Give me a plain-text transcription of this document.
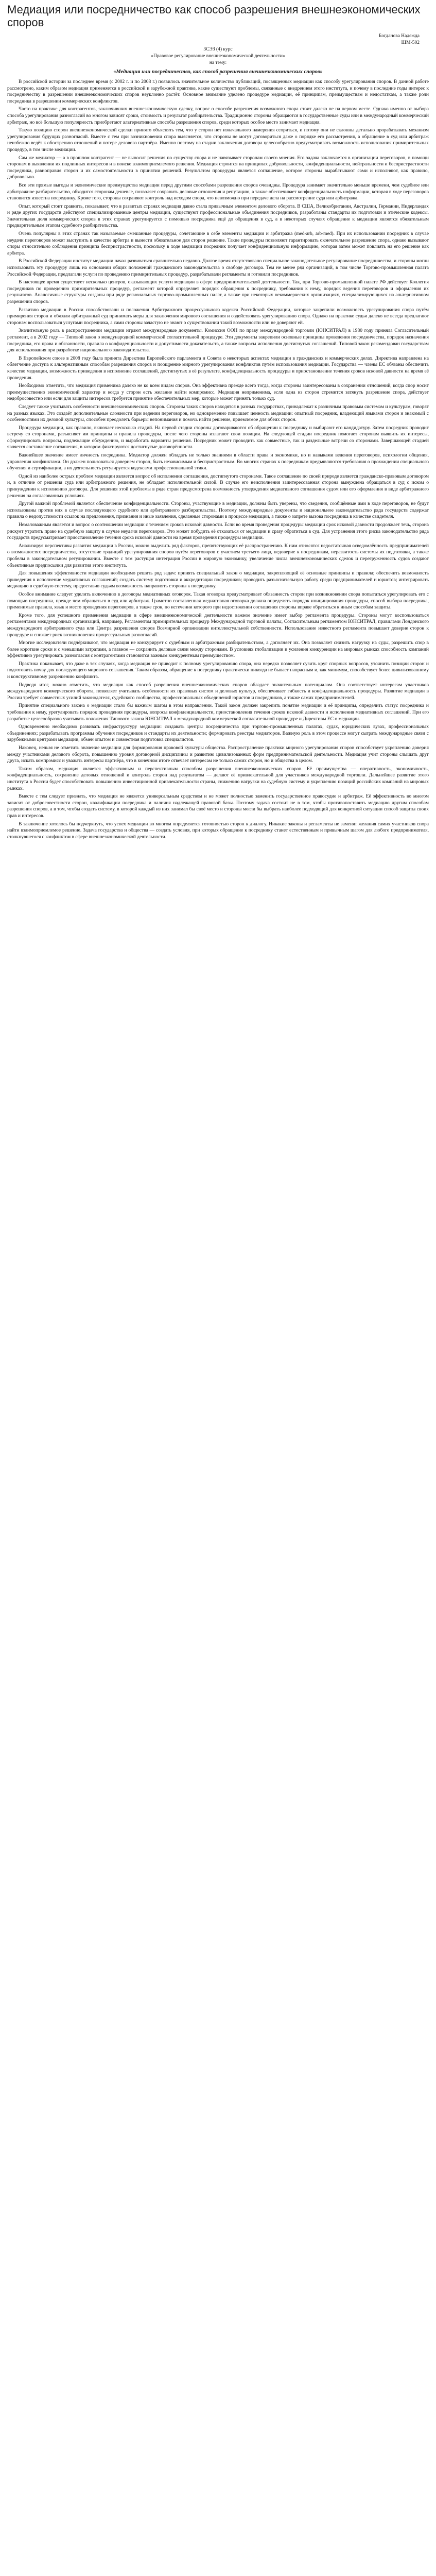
Медиация или посредничество как способ разрешения внешнеэкономических споров
Богданова Надежда
ШМ-502
3СЭЗ (4) курс
«Правовое регулирование внешнеэкономической деятельности»
на тему:
«Медиация или посредничество, как способ разрешения внешнеэкономических споров»

В российской истории за последнее время (с 2002 г. и по 2008 г.) появилось значительное количество публикаций, посвященных медиации как способу урегулирования споров. В данной работе рассмотрено, каким образом медиация применяется в российской и зарубежной практике, какие существуют проблемы, связанные с внедрением этого института, и почему в последние годы интерес к посредничеству в разрешении внешнеэкономических споров неуклонно растёт. Основное внимание уделено процедуре медиации, её принципам, преимуществам и недостаткам, а также роли посредника в разрешении коммерческих конфликтов.

Часто на практике для контрагентов, заключивших внешнеэкономическую сделку, вопрос о способе разрешения возможного спора стоит далеко не на первом месте. Однако именно от выбора способа урегулирования разногласий во многом зависят сроки, стоимость и результат разбирательства. Традиционно стороны обращаются в государственные суды или в международный коммерческий арбитраж, но всё большую популярность приобретают альтернативные способы разрешения споров, среди которых особое место занимает медиация.

Такую позицию сторон внешнеэкономической сделки принято объяснять тем, что у сторон нет изначального намерения ссориться, и потому они не склонны детально прорабатывать механизм урегулирования будущих разногласий. Вместе с тем при возникновении спора выясняется, что стороны не могут договориться даже о порядке его рассмотрения, а обращение в суд или арбитраж неизбежно ведёт к обострению отношений и потере делового партнёра. Именно поэтому на стадии заключения договора целесообразно предусматривать возможность использования примирительных процедур, в том числе медиации.

Сам же медиатор — а в прошлом контрагент — не выносит решения по существу спора и не навязывает сторонам своего мнения. Его задача заключается в организации переговоров, в помощи сторонам в выявлении их подлинных интересов и в поиске взаимоприемлемого решения. Медиация строится на принципах добровольности, конфиденциальности, нейтральности и беспристрастности посредника, равноправия сторон и их самостоятельности в принятии решений. Результатом процедуры является соглашение, которое стороны вырабатывают сами и исполняют, как правило, добровольно.

Все эти прямые выгоды и экономические преимущества медиации перед другими способами разрешения споров очевидны. Процедура занимает значительно меньше времени, чем судебное или арбитражное разбирательство, обходится сторонам дешевле, позволяет сохранить деловые отношения и репутацию, а также обеспечивает конфиденциальность информации, которая в ходе переговоров становится известна посреднику. Кроме того, стороны сохраняют контроль над исходом спора, что невозможно при передаче дела на рассмотрение суда или арбитража.

Опыт, который стоит сравнить, показывает, что в развитых странах медиация давно стала привычным элементом делового оборота. В США, Великобритании, Австралии, Германии, Нидерландах и ряде других государств действуют специализированные центры медиации, существуют профессиональные объединения посредников, разработаны стандарты их подготовки и этические кодексы. Значительная доля коммерческих споров в этих странах урегулируется с помощью посредника ещё до обращения в суд, а в некоторых случаях обращение к медиации является обязательным предварительным этапом судебного разбирательства.

Очень популярны в этих странах так называемые смешанные процедуры, сочетающие в себе элементы медиации и арбитража (med-arb, arb-med). При их использовании посредник в случае неудачи переговоров может выступить в качестве арбитра и вынести обязательное для сторон решение. Такие процедуры позволяют гарантировать окончательное разрешение спора, однако вызывают споры относительно соблюдения принципа беспристрастности, поскольку в ходе медиации посредник получает конфиденциальную информацию, которая затем может повлиять на его решение как арбитра.

В Российской Федерации институт медиации начал развиваться сравнительно недавно. Долгое время отсутствовало специальное законодательное регулирование посредничества, и стороны могли использовать эту процедуру лишь на основании общих положений гражданского законодательства о свободе договора. Тем не менее ряд организаций, в том числе Торгово-промышленная палата Российской Федерации, предлагали услуги по проведению примирительных процедур, разрабатывали регламенты и готовили посредников.

В настоящее время существует несколько центров, оказывающих услуги медиации в сфере предпринимательской деятельности. Так, при Торгово-промышленной палате РФ действует Коллегия посредников по проведению примирительных процедур, регламент которой определяет порядок обращения к посреднику, требования к нему, порядок ведения переговоров и оформления их результатов. Аналогичные структуры созданы при ряде региональных торгово-промышленных палат, а также при некоторых некоммерческих организациях, специализирующихся на альтернативном разрешении споров.

Развитию медиации в России способствовали и положения Арбитражного процессуального кодекса Российской Федерации, которые закрепили возможность урегулирования спора путём примирения сторон и обязали арбитражный суд принимать меры для заключения мирового соглашения и содействовать урегулированию спора. Однако на практике судьи далеко не всегда предлагают сторонам воспользоваться услугами посредника, а сами стороны зачастую не знают о существовании такой возможности или не доверяют ей.

Значительную роль в распространении медиации играют международные документы. Комиссия ООН по праву международной торговли (ЮНСИТРАЛ) в 1980 году приняла Согласительный регламент, а в 2002 году — Типовой закон о международной коммерческой согласительной процедуре. Эти документы закрепили основные принципы проведения посредничества, порядок назначения посредника, его права и обязанности, правила о конфиденциальности и допустимости доказательств, а также вопросы исполнения достигнутых соглашений. Типовой закон рекомендован государствам для использования при разработке национального законодательства.

В Европейском союзе в 2008 году была принята Директива Европейского парламента и Совета о некоторых аспектах медиации в гражданских и коммерческих делах. Директива направлена на облегчение доступа к альтернативным способам разрешения споров и поощрение мирного урегулирования конфликтов путём использования медиации. Государства — члены ЕС обязаны обеспечить качество медиации, возможность приведения в исполнение соглашений, достигнутых в её результате, конфиденциальность процедуры и приостановление течения сроков исковой давности на время её проведения.

Необходимо отметить, что медиация применима далеко не ко всем видам споров. Она эффективна прежде всего тогда, когда стороны заинтересованы в сохранении отношений, когда спор носит преимущественно экономический характер и когда у сторон есть желание найти компромисс. Медиация неприменима, если одна из сторон стремится затянуть разрешение спора, действует недобросовестно или если для защиты интересов требуется принятие обеспечительных мер, которые может принять только суд.

Следует также учитывать особенности внешнеэкономических споров. Стороны таких споров находятся в разных государствах, принадлежат к различным правовым системам и культурам, говорят на разных языках. Это создаёт дополнительные сложности при ведении переговоров, но одновременно повышает ценность медиации: опытный посредник, владеющий языками сторон и знакомый с особенностями их деловой культуры, способен преодолеть барьеры непонимания и помочь найти решение, приемлемое для обеих сторон.

Процедура медиации, как правило, включает несколько стадий. На первой стадии стороны договариваются об обращении к посреднику и выбирают его кандидатуру. Затем посредник проводит встречу со сторонами, разъясняет им принципы и правила процедуры, после чего стороны излагают свои позиции. На следующей стадии посредник помогает сторонам выявить их интересы, сформулировать вопросы, подлежащие обсуждению, и выработать варианты решения. Посредник может проводить как совместные, так и раздельные встречи со сторонами. Завершающей стадией является составление соглашения, в котором фиксируются достигнутые договорённости.

Важнейшее значение имеет личность посредника. Медиатор должен обладать не только знаниями в области права и экономики, но и навыками ведения переговоров, психологии общения, управления конфликтами. Он должен пользоваться доверием сторон, быть независимым и беспристрастным. Во многих странах к посредникам предъявляются требования о прохождении специального обучения и сертификации, а их деятельность регулируется кодексами профессиональной этики.

Одной из наиболее острых проблем медиации является вопрос об исполнении соглашения, достигнутого сторонами. Такое соглашение по своей природе является гражданско-правовым договором и, в отличие от решения суда или арбитражного решения, не обладает исполнительной силой. В случае его неисполнения заинтересованная сторона вынуждена обращаться в суд с иском о принуждении к исполнению договора. Для решения этой проблемы в ряде стран предусмотрена возможность утверждения медиативного соглашения судом или его оформления в виде арбитражного решения на согласованных условиях.

Другой важной проблемой является обеспечение конфиденциальности. Стороны, участвующие в медиации, должны быть уверены, что сведения, сообщённые ими в ходе переговоров, не будут использованы против них в случае последующего судебного или арбитражного разбирательства. Поэтому международные документы и национальное законодательство ряда государств содержат правила о недопустимости ссылок на предложения, признания и иные заявления, сделанные сторонами в процессе медиации, а также о запрете вызова посредника в качестве свидетеля.

Немаловажным является и вопрос о соотношении медиации с течением сроков исковой давности. Если во время проведения процедуры медиации срок исковой давности продолжает течь, сторона рискует утратить право на судебную защиту в случае неудачи переговоров. Это может побудить её отказаться от медиации и сразу обратиться в суд. Для устранения этого риска законодательство ряда государств предусматривает приостановление течения срока исковой давности на время проведения процедуры медиации.

Анализируя перспективы развития медиации в России, можно выделить ряд факторов, препятствующих её распространению. К ним относятся недостаточная осведомлённость предпринимателей о возможностях посредничества, отсутствие традиций урегулирования споров путём переговоров с участием третьего лица, недоверие к посредникам, неразвитость системы их подготовки, а также пробелы в законодательном регулировании. Вместе с тем растущая интеграция России в мировую экономику, увеличение числа внешнеэкономических сделок и перегруженность судов создают объективные предпосылки для развития этого института.

Для повышения эффективности медиации необходимо решить ряд задач: принять специальный закон о медиации, закрепляющий её основные принципы и правила; обеспечить возможность приведения в исполнение медиативных соглашений; создать систему подготовки и аккредитации посредников; проводить разъяснительную работу среди предпринимателей и юристов; интегрировать медиацию в судебную систему, предоставив судьям возможность направлять стороны к посреднику.

Особое внимание следует уделить включению в договоры медиативных оговорок. Такая оговорка предусматривает обязанность сторон при возникновении спора попытаться урегулировать его с помощью посредника, прежде чем обращаться в суд или арбитраж. Грамотно составленная медиативная оговорка должна определять порядок инициирования процедуры, способ выбора посредника, применимые правила, язык и место проведения переговоров, а также срок, по истечении которого при недостижении соглашения стороны вправе обратиться к иным способам защиты.

Кроме того, для успешного применения медиации в сфере внешнеэкономической деятельности важное значение имеет выбор регламента процедуры. Стороны могут воспользоваться регламентами международных организаций, например, Регламентом примирительных процедур Международной торговой палаты, Согласительным регламентом ЮНСИТРАЛ, правилами Лондонского международного арбитражного суда или Центра разрешения споров Всемирной организации интеллектуальной собственности. Использование известного регламента повышает доверие сторон к процедуре и снижает риск возникновения процессуальных разногласий.

Многие исследователи подчёркивают, что медиация не конкурирует с судебным и арбитражным разбирательством, а дополняет их. Она позволяет снизить нагрузку на суды, разрешить спор в более короткие сроки и с меньшими затратами, а главное — сохранить деловые связи между сторонами. В условиях глобализации и усиления конкуренции на мировых рынках способность компаний эффективно урегулировать разногласия с контрагентами становится важным конкурентным преимуществом.

Практика показывает, что даже в тех случаях, когда медиация не приводит к полному урегулированию спора, она нередко позволяет сузить круг спорных вопросов, уточнить позиции сторон и подготовить почву для последующего мирового соглашения. Таким образом, обращение к посреднику практически никогда не бывает напрасным и, как минимум, способствует более цивилизованному и конструктивному разрешению конфликта.

Подводя итог, можно отметить, что медиация как способ разрешения внешнеэкономических споров обладает значительным потенциалом. Она соответствует интересам участников международного коммерческого оборота, позволяет учитывать особенности их правовых систем и деловых культур, обеспечивает гибкость и конфиденциальность процедуры. Развитие медиации в России требует совместных усилий законодателя, судейского сообщества, профессиональных объединений юристов и посредников, а также самих предпринимателей.

Принятие специального закона о медиации стало бы важным шагом в этом направлении. Такой закон должен закрепить понятие медиации и её принципы, определить статус посредника и требования к нему, урегулировать порядок проведения процедуры, вопросы конфиденциальности, приостановления течения сроков исковой давности и исполнения медиативных соглашений. При его разработке целесообразно учитывать положения Типового закона ЮНСИТРАЛ о международной коммерческой согласительной процедуре и Директивы ЕС о медиации.

Одновременно необходимо развивать инфраструктуру медиации: создавать центры посредничества при торгово-промышленных палатах, судах, юридических вузах, профессиональных объединениях; разрабатывать программы обучения посредников и стандарты их деятельности; формировать реестры медиаторов. Важную роль в этом процессе могут сыграть международные связи с зарубежными центрами медиации, обмен опытом и совместная подготовка специалистов.

Наконец, нельзя не отметить значение медиации для формирования правовой культуры общества. Распространение практики мирного урегулирования споров способствует укреплению доверия между участниками делового оборота, повышению уровня договорной дисциплины и развитию цивилизованных форм предпринимательской деятельности. Медиация учит стороны слышать друг друга, искать компромисс и уважать интересы партнёра, что в конечном итоге отвечает интересам не только самих сторон, но и общества в целом.

Таким образом, медиация является эффективным и перспективным способом разрешения внешнеэкономических споров. Её преимущества — оперативность, экономичность, конфиденциальность, сохранение деловых отношений и контроль сторон над результатом — делают её привлекательной для участников международной торговли. Дальнейшее развитие этого института в России будет способствовать повышению инвестиционной привлекательности страны, снижению нагрузки на судебную систему и укреплению позиций российских компаний на мировых рынках.

Вместе с тем следует признать, что медиация не является универсальным средством и не может полностью заменить государственное правосудие и арбитраж. Её эффективность во многом зависит от добросовестности сторон, квалификации посредника и наличия надлежащей правовой базы. Поэтому задача состоит не в том, чтобы противопоставить медиацию другим способам разрешения споров, а в том, чтобы создать систему, в которой каждый из них занимал бы своё место и стороны могли бы выбрать наиболее подходящий для конкретной ситуации способ защиты своих прав и интересов.

В заключение хотелось бы подчеркнуть, что успех медиации во многом определяется готовностью сторон к диалогу. Никакие законы и регламенты не заменят желания самих участников спора найти взаимоприемлемое решение. Задача государства и общества — создать условия, при которых обращение к посреднику станет естественным и привычным шагом для любого предпринимателя, столкнувшегося с конфликтом в сфере внешнеэкономической деятельности.
